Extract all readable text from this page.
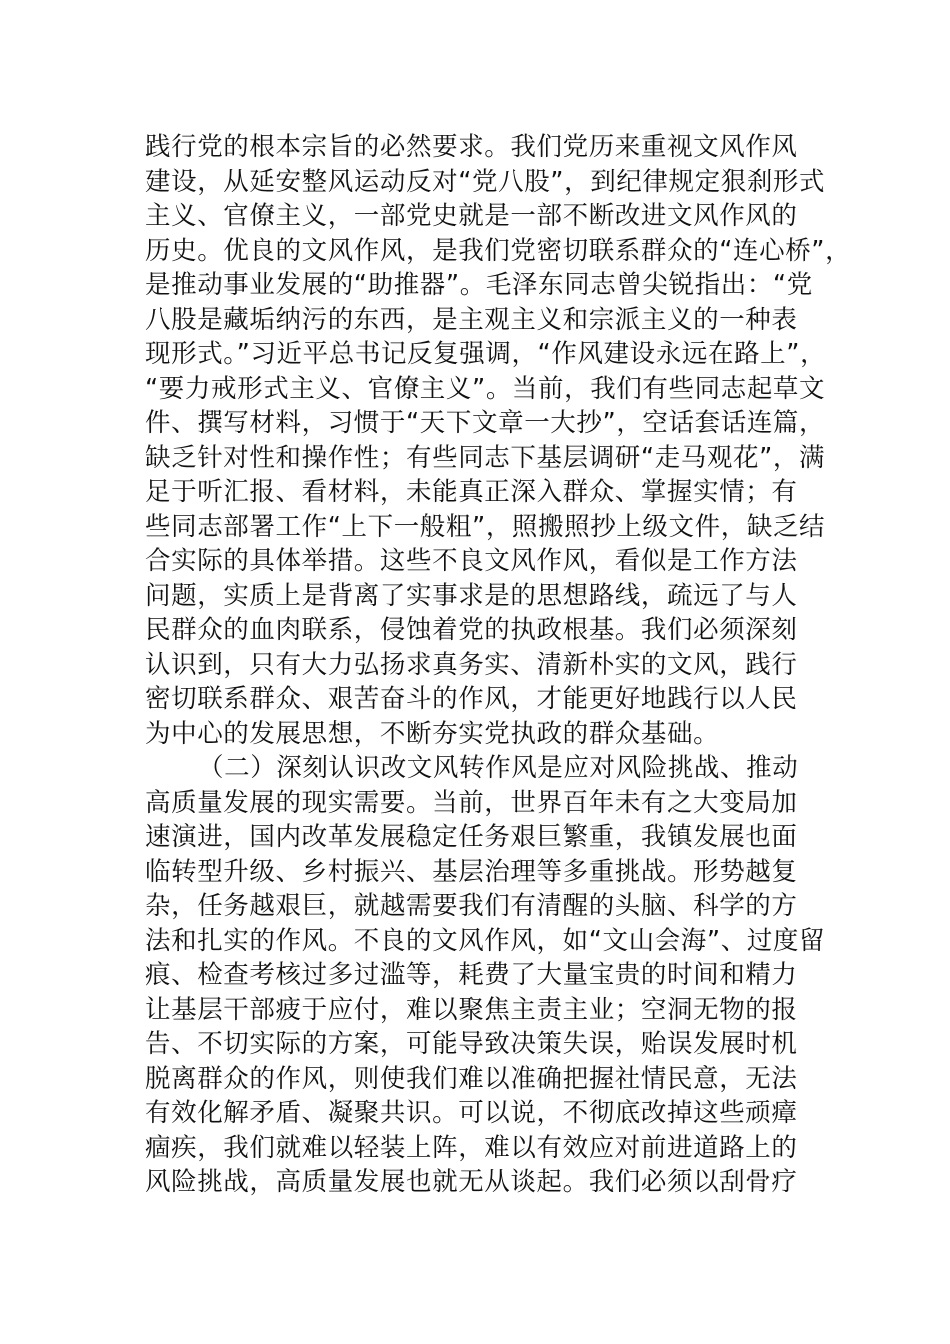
践行党的根本宗旨的必然要求。我们党历来重视文风作风
建设，从延安整风运动反对“党八股”，到纪律规定狠刹形式
主义、官僚主义，一部党史就是一部不断改进文风作风的
历史。优良的文风作风，是我们党密切联系群众的“连心桥”，
是推动事业发展的“助推器”。毛泽东同志曾尖锐指出：“党
八股是藏垢纳污的东西，是主观主义和宗派主义的一种表
现形式。”习近平总书记反复强调，“作风建设永远在路上”，
“要力戒形式主义、官僚主义”。当前，我们有些同志起草文
件、撰写材料，习惯于“天下文章一大抄”，空话套话连篇，
缺乏针对性和操作性；有些同志下基层调研“走马观花”，满
足于听汇报、看材料，未能真正深入群众、掌握实情；有
些同志部署工作“上下一般粗”，照搬照抄上级文件，缺乏结
合实际的具体举措。这些不良文风作风，看似是工作方法
问题，实质上是背离了实事求是的思想路线，疏远了与人
民群众的血肉联系，侵蚀着党的执政根基。我们必须深刻
认识到，只有大力弘扬求真务实、清新朴实的文风，践行
密切联系群众、艰苦奋斗的作风，才能更好地践行以人民
为中心的发展思想，不断夯实党执政的群众基础。
（二）深刻认识改文风转作风是应对风险挑战、推动
高质量发展的现实需要。当前，世界百年未有之大变局加
速演进，国内改革发展稳定任务艰巨繁重，我镇发展也面
临转型升级、乡村振兴、基层治理等多重挑战。形势越复
杂，任务越艰巨，就越需要我们有清醒的头脑、科学的方
法和扎实的作风。不良的文风作风，如“文山会海”、过度留
痕、检查考核过多过滥等，耗费了大量宝贵的时间和精力
让基层干部疲于应付，难以聚焦主责主业；空洞无物的报
告、不切实际的方案，可能导致决策失误，贻误发展时机
脱离群众的作风，则使我们难以准确把握社情民意，无法
有效化解矛盾、凝聚共识。可以说，不彻底改掉这些顽瘴
痼疾，我们就难以轻装上阵，难以有效应对前进道路上的
风险挑战，高质量发展也就无从谈起。我们必须以刮骨疗
